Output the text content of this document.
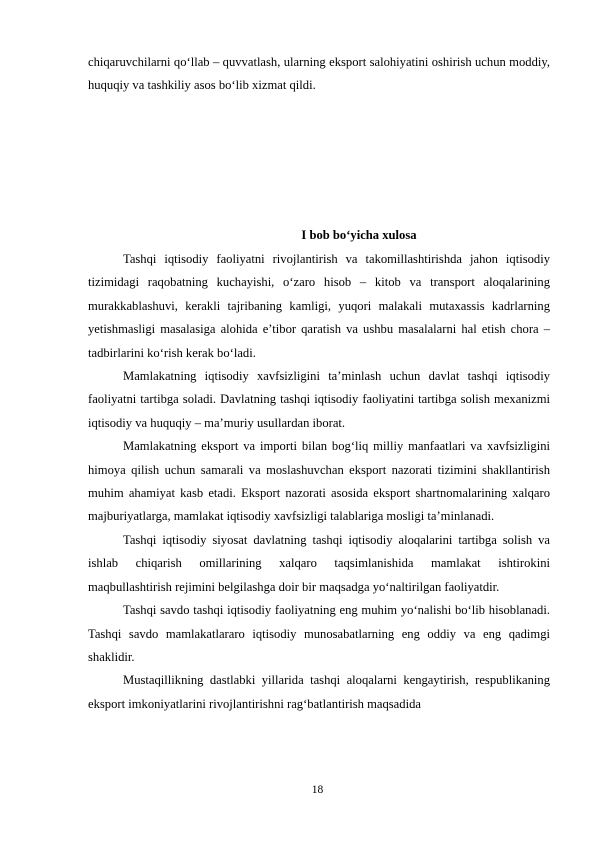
chiqaruvchilarni qo‘llab – quvvatlash, ularning eksport salohiyatini oshirish uchun moddiy, huquqiy va tashkiliy asos bo‘lib xizmat qildi.
I bob bo‘yicha xulosa

Tashqi iqtisodiy faoliyatni rivojlantirish va takomillashtirishda jahon iqtisodiy tizimidagi raqobatning kuchayishi, o‘zaro hisob – kitob va transport aloqalarining murakkablashuvi, kerakli tajribaning kamligi, yuqori malakali mutaxassis kadrlarning yetishmasligi masalasiga alohida e’tibor qaratish va ushbu masalalarni hal etish chora – tadbirlarini ko‘rish kerak bo‘ladi.

Mamlakatning iqtisodiy xavfsizligini ta’minlash uchun davlat tashqi iqtisodiy faoliyatni tartibga soladi. Davlatning tashqi iqtisodiy faoliyatini tartibga solish mexanizmi iqtisodiy va huquqiy – ma’muriy usullardan iborat.

Mamlakatning eksport va importi bilan bog‘liq milliy manfaatlari va xavfsizligini himoya qilish uchun samarali va moslashuvchan eksport nazorati tizimini shakllantirish muhim ahamiyat kasb etadi. Eksport nazorati asosida eksport shartnomalarining xalqaro majburiyatlarga, mamlakat iqtisodiy xavfsizligi talablariga mosligi ta’minlanadi.

Tashqi iqtisodiy siyosat davlatning tashqi iqtisodiy aloqalarini tartibga solish va ishlab chiqarish omillarining xalqaro taqsimlanishida mamlakat ishtirokini maqbullashtirish rejimini belgilashga doir bir maqsadga yo‘naltirilgan faoliyatdir.

Tashqi savdo tashqi iqtisodiy faoliyatning eng muhim yo‘nalishi bo‘lib hisoblanadi. Tashqi savdo mamlakatlararo iqtisodiy munosabatlarning eng oddiy va eng qadimgi shaklidir.

Mustaqillikning dastlabki yillarida tashqi aloqalarni kengaytirish, respublikaning eksport imkoniyatlarini rivojlantirishni rag‘batlantirish maqsadida

18
